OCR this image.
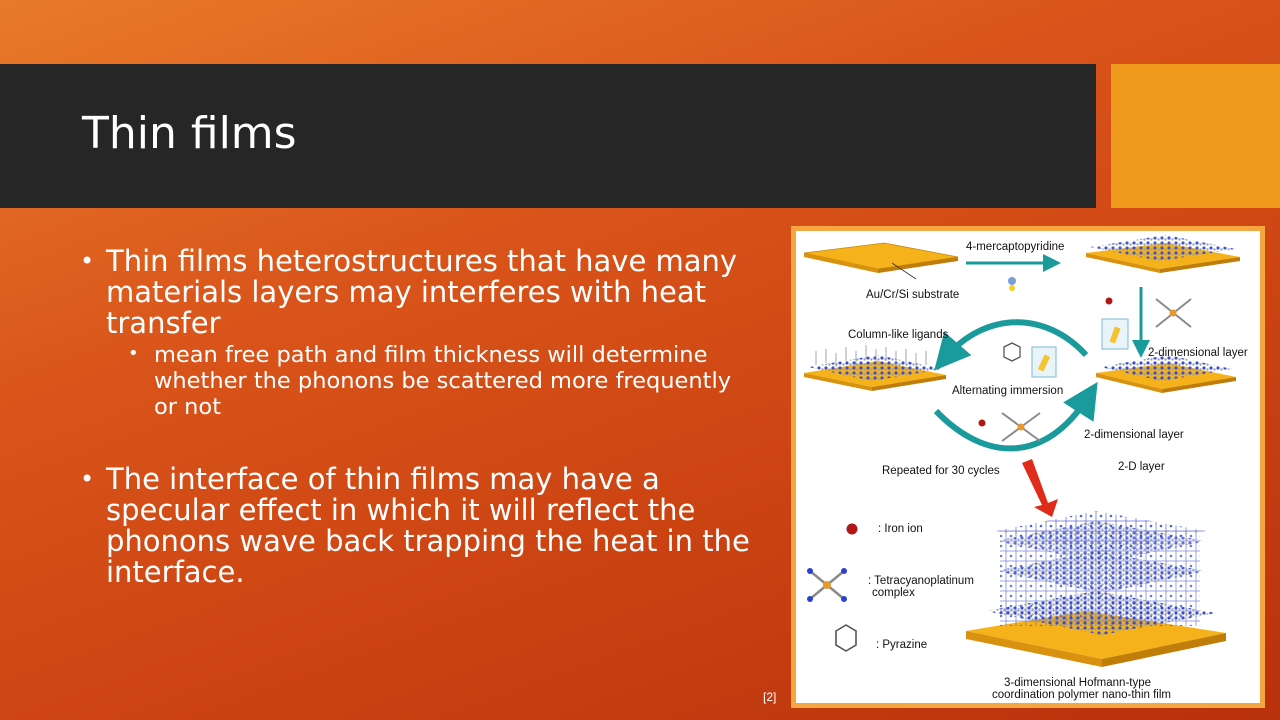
Thin films
• Thin films heterostructures that have many materials layers may interferes with heat transfer
• mean free path and film thickness will determine whether the phonons be scattered more frequently or not
• The interface of thin films may have a specular effect in which it will reflect the phonons wave back trapping the heat in the interface.
4-mercaptopyridine
Au/Cr/Si substrate
Column-like ligands
2-dimensional layer
Alternating immersion
2-dimensional layer
Repeated for 30 cycles	2-D layer
: Iron ion
: Tetracyanoplatinum
complex
: Pyrazine
3-dimensional Hofmann-type
coordination polymer nano-thin film
[2]
